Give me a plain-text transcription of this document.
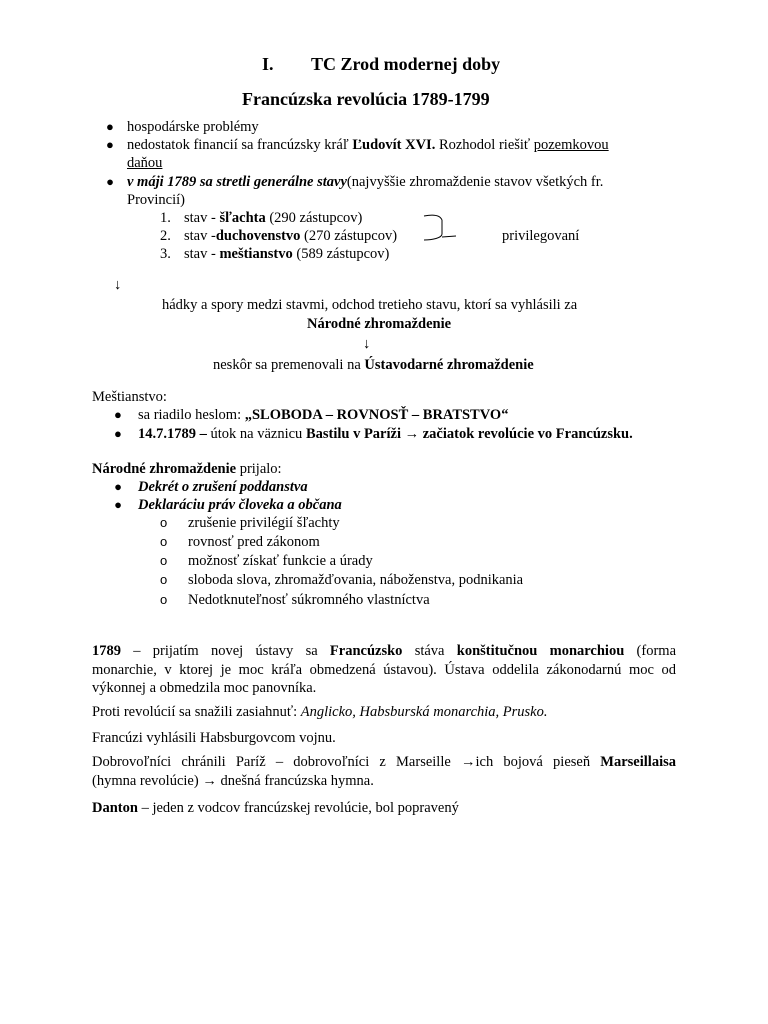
I. TC Zrod modernej doby
Francúzska revolúcia 1789-1799
● hospodárske problémy
● nedostatok financií sa francúzsky kráľ Ľudovít XVI. Rozhodol riešiť pozemkovou
daňou
● v máji 1789 sa stretli generálne stavy(najvyššie zhromaždenie stavov všetkých fr.
Provincií)
1. stav - šľachta (290 zástupcov)
2. stav -duchovenstvo (270 zástupcov)
3. stav - meštianstvo (589 zástupcov)
privilegovaní
↓
hádky a spory medzi stavmi, odchod tretieho stavu, ktorí sa vyhlásili za
Národné zhromaždenie
↓
neskôr sa premenovali na Ústavodarné zhromaždenie
Meštianstvo:
● sa riadilo heslom: „SLOBODA – ROVNOSŤ – BRATSTVO“
● 14.7.1789 – útok na väznicu Bastilu v Paríži → začiatok revolúcie vo Francúzsku.
Národné zhromaždenie prijalo:
● Dekrét o zrušení poddanstva
● Deklaráciu práv človeka a občana
o zrušenie privilégií šľachty
o rovnosť pred zákonom
o možnosť získať funkcie a úrady
o sloboda slova, zhromažďovania, náboženstva, podnikania
o Nedotknuteľnosť súkromného vlastníctva
1789 – prijatím novej ústavy sa Francúzsko stáva konštitučnou monarchiou (forma
monarchie, v ktorej je moc kráľa obmedzená ústavou). Ústava oddelila zákonodarnú moc od
výkonnej a obmedzila moc panovníka.
Proti revolúcií sa snažili zasiahnuť: Anglicko, Habsburská monarchia, Prusko.
Francúzi vyhlásili Habsburgovcom vojnu.
Dobrovoľníci chránili Paríž – dobrovoľníci z Marseille →ich bojová pieseň Marseillaisa
(hymna revolúcie) → dnešná francúzska hymna.
Danton – jeden z vodcov francúzskej revolúcie, bol popravený
